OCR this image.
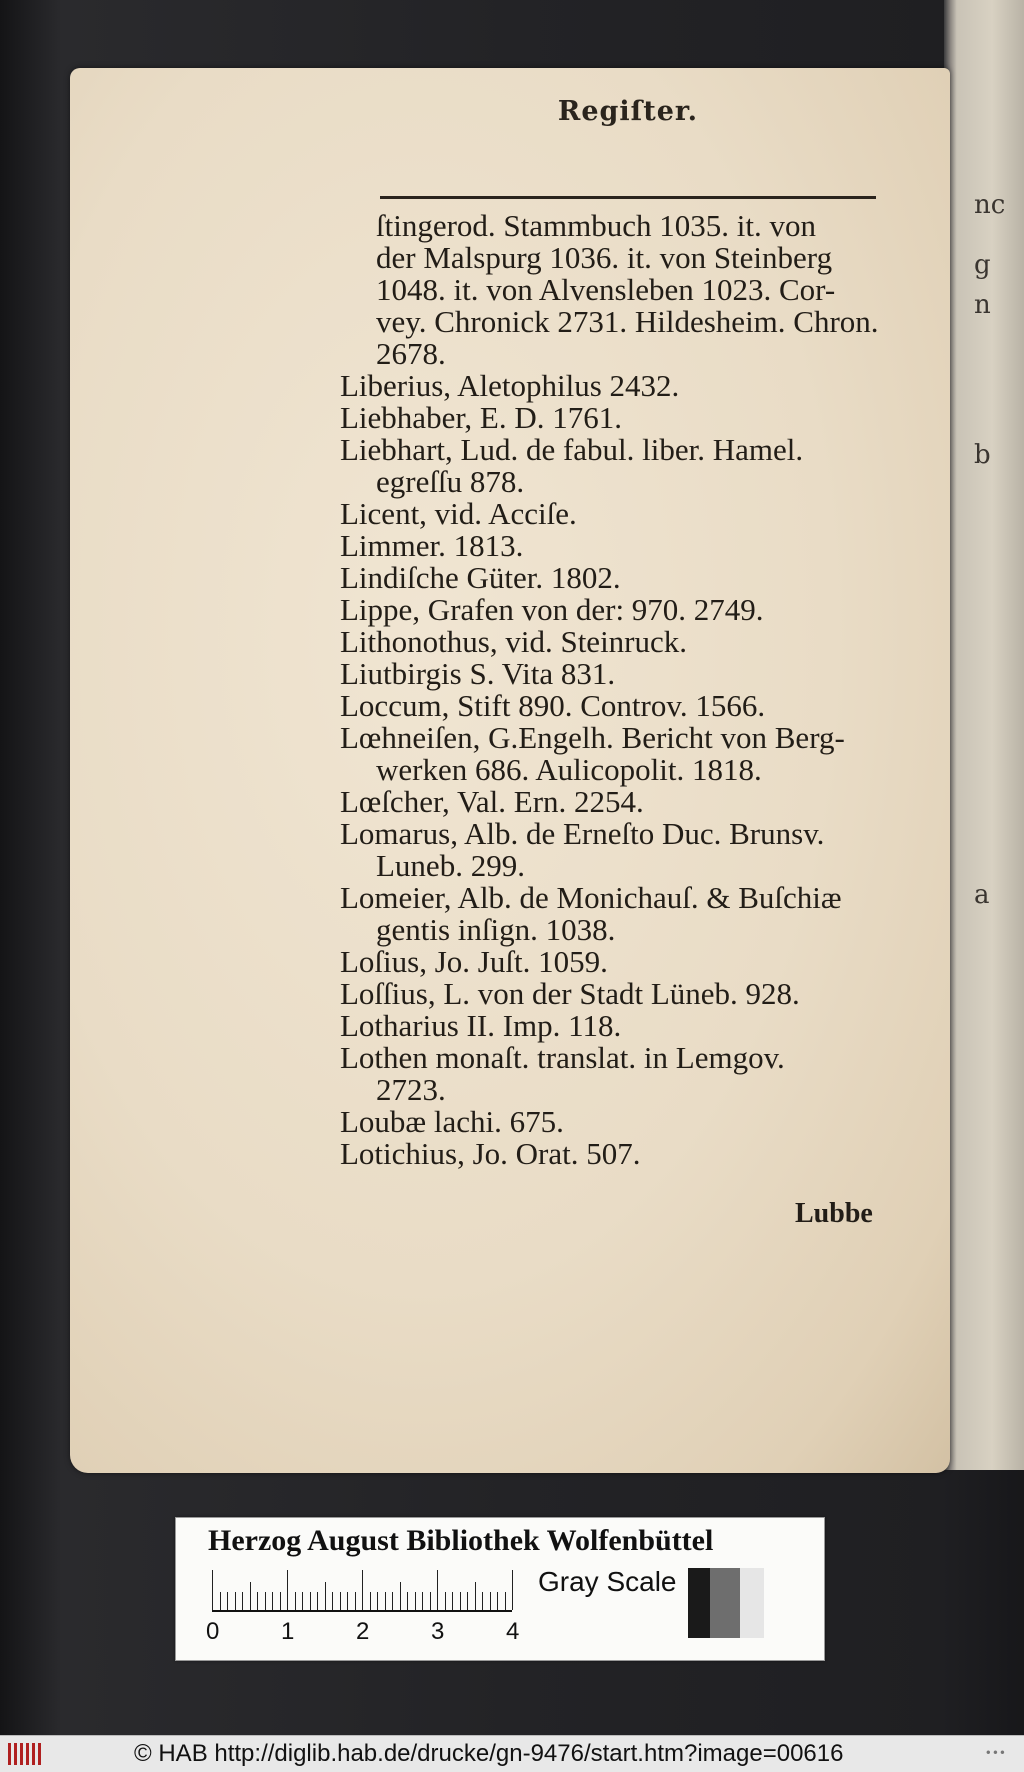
nc
g
n
b
a
Regiſter.
ſtingerod. Stammbuch 1035. it. von
der Malspurg 1036. it. von Steinberg
1048. it. von Alvensleben 1023. Cor-
vey. Chronick 2731. Hildesheim. Chron.
2678.
Liberius, Aletophilus 2432.
Liebhaber, E. D. 1761.
Liebhart, Lud. de fabul. liber. Hamel.
egreſſu 878.
Licent, vid. Acciſe.
Limmer. 1813.
Lindiſche Güter. 1802.
Lippe, Grafen von der: 970. 2749.
Lithonothus, vid. Steinruck.
Liutbirgis S. Vita 831.
Loccum, Stift 890. Controv. 1566.
Lœhneiſen, G.Engelh. Bericht von Berg-
werken 686. Aulicopolit. 1818.
Lœſcher, Val. Ern. 2254.
Lomarus, Alb. de Erneſto Duc. Brunsv.
Luneb. 299.
Lomeier, Alb. de Monichauſ. & Buſchiæ
gentis inſign. 1038.
Loſius, Jo. Juſt. 1059.
Loſſius, L. von der Stadt Lüneb. 928.
Lotharius II. Imp. 118.
Lothen monaſt. translat. in Lemgov.
2723.
Loubæ lachi. 675.
Lotichius, Jo. Orat. 507.
Lubbe
Herzog August Bibliothek Wolfenbüttel
0	1	2	3	4
Gray Scale
© HAB http://diglib.hab.de/drucke/gn-9476/start.htm?image=00616	•••
